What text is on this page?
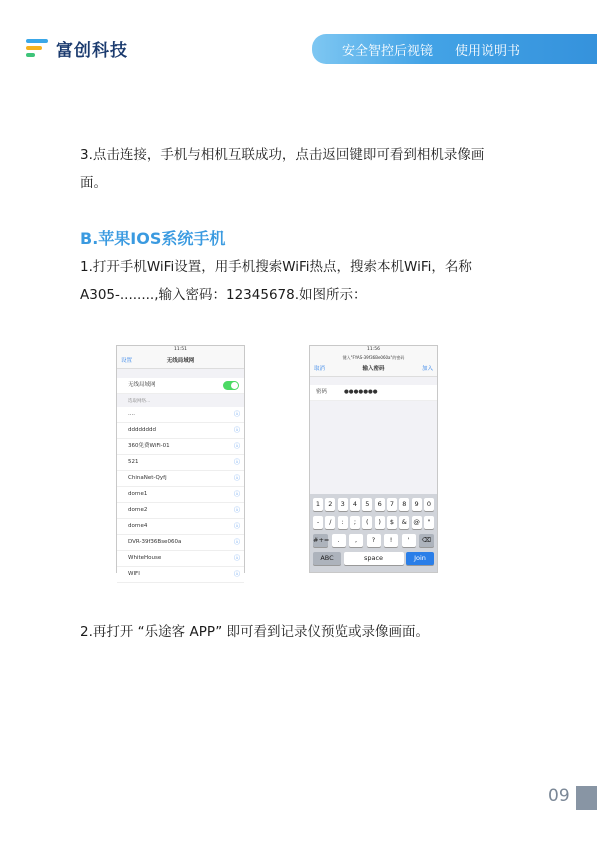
富创科技	安全智控后视镜 使用说明书
3.点击连接，手机与相机互联成功，点击返回键即可看到相机录像画
面。
B.苹果IOS系统手机
1.打开手机WiFi设置，用手机搜索WiFi热点，搜索本机WiFi，名称
A305-........,输入密码：12345678.如图所示：
11:51
设置	无线局域网
无线局域网
选取网络...
....	ⓘ
dddddddd	ⓘ
360免费WiFi-01	ⓘ
521	ⓘ
ChinaNet-Qyfj	ⓘ
dorne1	ⓘ
dorne2	ⓘ
dorne4	ⓘ
DVR-39f36Bse060a	ⓘ
WhiteHouse	ⓘ
WIFI	ⓘ
11:56
键入"FYAS-39f36Be060a"的密码
取消	输入密码	加入
密码	●●●●●●●
1	2	3	4	5	6	7	8	9	0
-	/	:	;	(	)	$	&	@	"
#+=	.	,	?	!	'	⌫
ABC	space	Join
2.再打开 “乐途客 APP” 即可看到记录仪预览或录像画面。
09
